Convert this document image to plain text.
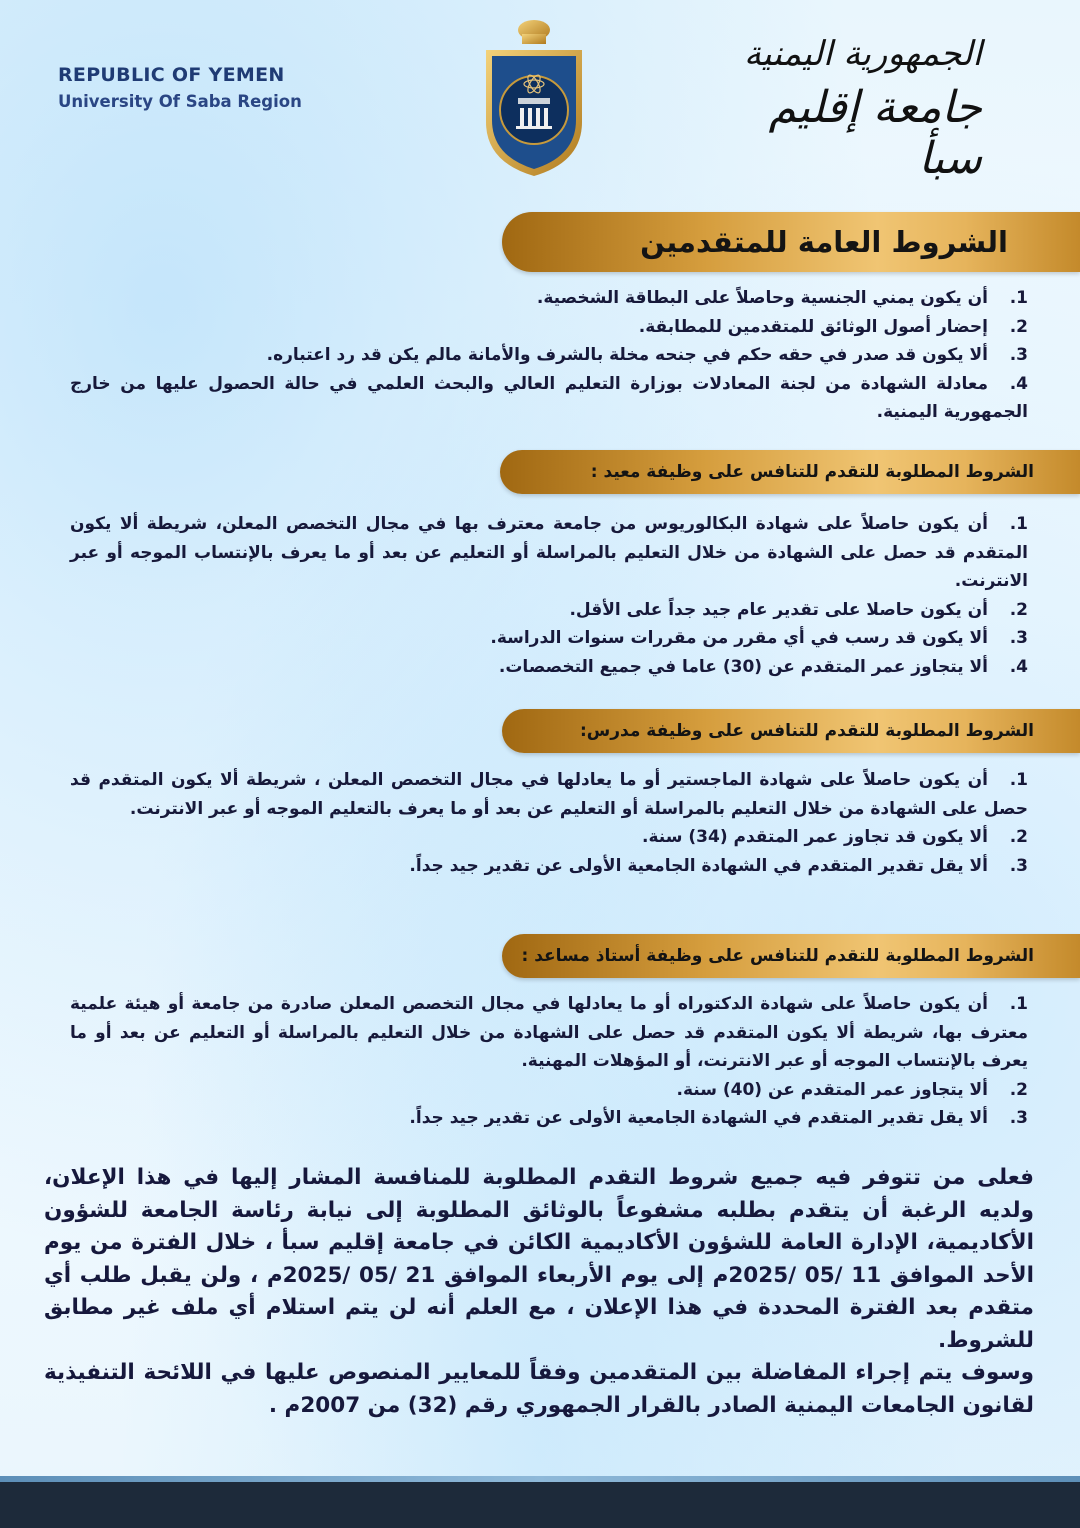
REPUBLIC OF YEMEN
University Of Saba Region
الجمهورية اليمنية
جامعة إقليم سبأ
الشروط العامة للمتقدمين
1.أن يكون يمني الجنسية وحاصلاً على البطاقة الشخصية.
2.إحضار أصول الوثائق للمتقدمين للمطابقة.
3.ألا يكون قد صدر في حقه حكم في جنحه مخلة بالشرف والأمانة مالم يكن قد رد اعتباره.
4.معادلة الشهادة من لجنة المعادلات بوزارة التعليم العالي والبحث العلمي في حالة الحصول عليها من خارج الجمهورية اليمنية.
الشروط المطلوبة للتقدم للتنافس على وظيفة معيد :
1.أن يكون حاصلاً على شهادة البكالوريوس من جامعة معترف بها في مجال التخصص المعلن، شريطة ألا يكون المتقدم قد حصل على الشهادة من خلال التعليم بالمراسلة أو التعليم عن بعد أو ما يعرف بالإنتساب الموجه أو عبر الانترنت.
2.أن يكون حاصلا على تقدير عام جيد جداً على الأقل.
3.ألا يكون قد رسب في أي مقرر من مقررات سنوات الدراسة.
4.ألا يتجاوز عمر المتقدم عن (30) عاما في جميع التخصصات.
الشروط المطلوبة للتقدم للتنافس على وظيفة مدرس:
1.أن يكون حاصلاً على شهادة الماجستير أو ما يعادلها في مجال التخصص المعلن ، شريطة ألا يكون المتقدم قد حصل على الشهادة من خلال التعليم بالمراسلة أو التعليم عن بعد أو ما يعرف بالتعليم الموجه أو عبر الانترنت.
2.ألا يكون قد تجاوز عمر المتقدم (34) سنة.
3.ألا يقل تقدير المتقدم في الشهادة الجامعية الأولى عن تقدير جيد جداً.
الشروط المطلوبة للتقدم للتنافس على وظيفة أستاذ مساعد :
1.أن يكون حاصلاً على شهادة الدكتوراه أو ما يعادلها في مجال التخصص المعلن صادرة من جامعة أو هيئة علمية معترف بها، شريطة ألا يكون المتقدم قد حصل على الشهادة من خلال التعليم بالمراسلة أو التعليم عن بعد أو ما يعرف بالإنتساب الموجه أو عبر الانترنت، أو المؤهلات المهنية.
2.ألا يتجاوز عمر المتقدم عن (40) سنة.
3.ألا يقل تقدير المتقدم في الشهادة الجامعية الأولى عن تقدير جيد جداً.

فعلى من تتوفر فيه جميع شروط التقدم المطلوبة للمنافسة المشار إليها في هذا الإعلان، ولديه الرغبة أن يتقدم بطلبه مشفوعاً بالوثائق المطلوبة إلى نيابة رئاسة الجامعة للشؤون الأكاديمية، الإدارة العامة للشؤون الأكاديمية الكائن في جامعة إقليم سبأ ، خلال الفترة من يوم الأحد الموافق 11 /05 /2025م إلى يوم الأربعاء الموافق 21 /05 /2025م ، ولن يقبل طلب أي متقدم بعد الفترة المحددة في هذا الإعلان ، مع العلم أنه لن يتم استلام أي ملف غير مطابق للشروط.

وسوف يتم إجراء المفاضلة بين المتقدمين وفقاً للمعايير المنصوص عليها في اللائحة التنفيذية لقانون الجامعات اليمنية الصادر بالقرار الجمهوري رقم (32) من 2007م .
